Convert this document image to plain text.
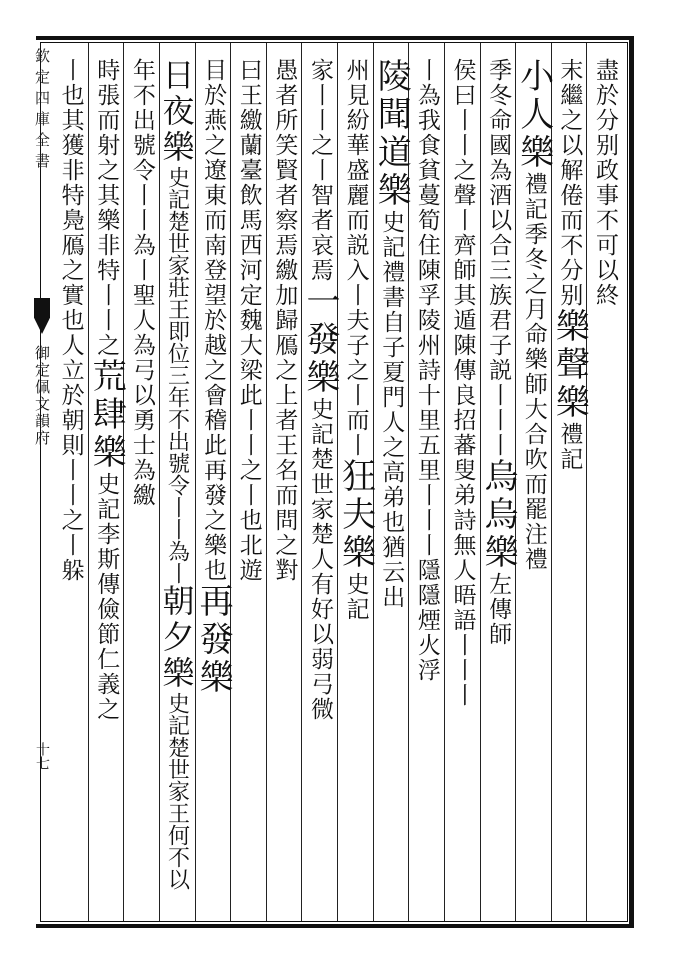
欽定四庫全書
御定佩文韻府
十七
盡於分别政事不可以終
末繼之以解倦而不分别樂聲樂禮記
小人樂禮記季冬之月命樂師大合吹而罷注禮
季冬命國為酒以合三族君子説丨丨丨烏烏樂左傳師
侯曰丨丨之聲丨齊師其遁陳傳良招蕃叟弟詩無人晤語丨丨丨
丨為我食貧蔓筍住陳孚陵州詩十里五里丨丨丨隱隱煙火浮
陵聞道樂史記禮書自子夏門人之高弟也猶云出
州見紛華盛麗而説入丨夫子之丨而丨狂夫樂史記
家丨丨之丨智者哀焉一發樂史記楚世家楚人有好以弱弓微
愚者所笑賢者察焉繳加歸鴈之上者王名而問之對
曰王繳蘭臺飲馬西河定魏大梁此丨丨之丨也北遊
目於燕之遼東而南登望於越之會稽此再發之樂也再發樂
日夜樂史記楚世家莊王即位三年不出號令丨丨為丨朝夕樂史記楚世家王何不以
年不出號令丨丨為丨聖人為弓以勇士為繳
時張而射之其樂非特丨丨之荒肆樂史記李斯傳儉節仁義之
丨也其獲非特鳧鴈之實也人立於朝則丨丨之丨躲
